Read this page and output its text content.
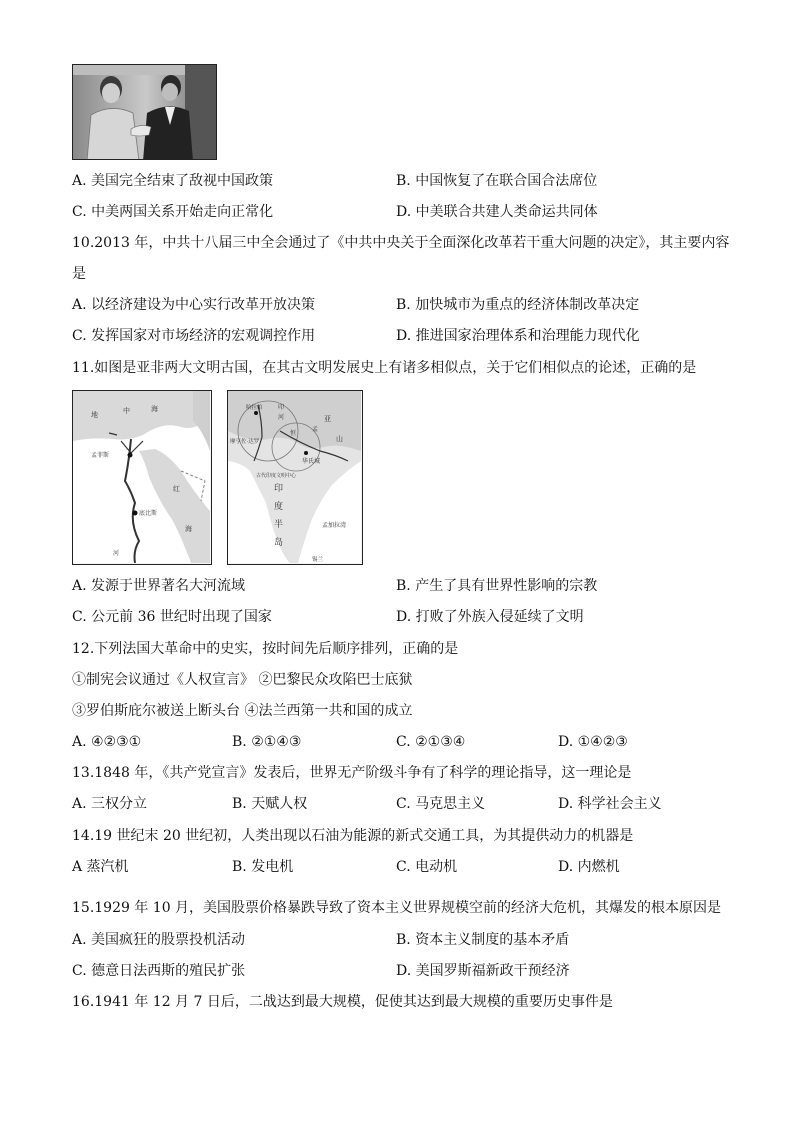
A. 美国完全结束了敌视中国政策	B. 中国恢复了在联合国合法席位
C. 中美两国关系开始走向正常化	D. 中美联合共建人类命运共同体
10.2013 年，中共十八届三中全会通过了《中共中央关于全面深化改革若干重大问题的决定》，其主要内容
是
A. 以经济建设为中心实行改革开放决策	B. 加快城市为重点的经济体制改革决定
C. 发挥国家对市场经济的宏观调控作用	D. 推进国家治理体系和治理能力现代化
11.如图是亚非两大文明古国，在其古文明发展史上有诸多相似点，关于它们相似点的论述，正确的是
地	中	海
孟菲斯
红
底比斯
海
河
哈拉帕	印
河
恒
山
摩亨佐·达罗
亚
孟
华氏城
古代印度文明中心
印
度
半
岛
孟加拉湾
锡兰
A. 发源于世界著名大河流域	B. 产生了具有世界性影响的宗教
C. 公元前 36 世纪时出现了国家	D. 打败了外族入侵延续了文明
12.下列法国大革命中的史实，按时间先后顺序排列，正确的是
①制宪会议通过《人权宣言》 ②巴黎民众攻陷巴士底狱
③罗伯斯庇尔被送上断头台 ④法兰西第一共和国的成立
A. ④②③①	B. ②①④③	C. ②①③④	D. ①④②③
13.1848 年，《共产党宣言》发表后，世界无产阶级斗争有了科学的理论指导，这一理论是
A. 三权分立	B. 天赋人权	C. 马克思主义	D. 科学社会主义
14.19 世纪末 20 世纪初，人类出现以石油为能源的新式交通工具，为其提供动力的机器是
A 蒸汽机	B. 发电机	C. 电动机	D. 内燃机
15.1929 年 10 月，美国股票价格暴跌导致了资本主义世界规模空前的经济大危机，其爆发的根本原因是
A. 美国疯狂的股票投机活动	B. 资本主义制度的基本矛盾
C. 德意日法西斯的殖民扩张	D. 美国罗斯福新政干预经济
16.1941 年 12 月 7 日后，二战达到最大规模，促使其达到最大规模的重要历史事件是
